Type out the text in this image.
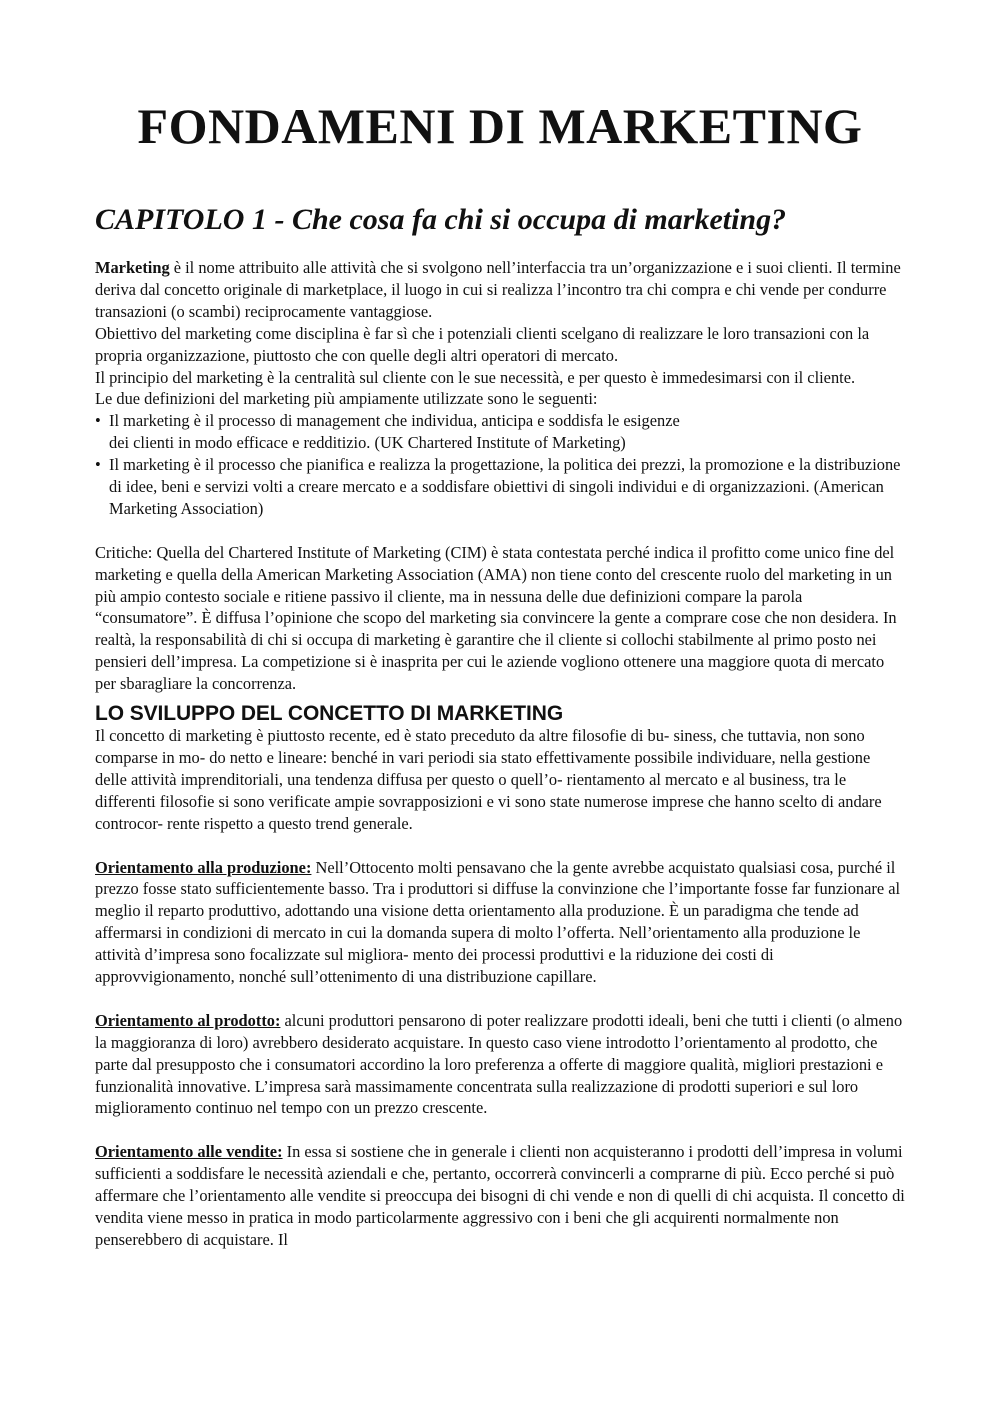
FONDAMENI DI MARKETING
CAPITOLO 1 - Che cosa fa chi si occupa di marketing?

Marketing è il nome attribuito alle attività che si svolgono nell’interfaccia tra un’organizzazione e i suoi clienti. Il termine deriva dal concetto originale di marketplace, il luogo in cui si realizza l’incontro tra chi compra e chi vende per condurre transazioni (o scambi) reciprocamente vantaggiose.

Obiettivo del marketing come disciplina è far sì che i potenziali clienti scelgano di realizzare le loro transazioni con la propria organizzazione, piuttosto che con quelle degli altri operatori di mercato.

Il principio del marketing è la centralità sul cliente con le sue necessità, e per questo è immedesimarsi con il cliente.

Le due definizioni del marketing più ampiamente utilizzate sono le seguenti:

• Il marketing è il processo di management che individua, anticipa e soddisfa le esigenze
dei clienti in modo efficace e redditizio. (UK Chartered Institute of Marketing)
• Il marketing è il processo che pianifica e realizza la progettazione, la politica dei prezzi, la promozione e la distribuzione di idee, beni e servizi volti a creare mercato e a soddisfare obiettivi di singoli individui e di organizzazioni. (American Marketing Association)

Critiche: Quella del Chartered Institute of Marketing (CIM) è stata contestata perché indica il profitto come unico fine del marketing e quella della American Marketing Association (AMA) non tiene conto del crescente ruolo del marketing in un più ampio contesto sociale e ritiene passivo il cliente, ma in nessuna delle due definizioni compare la parola “consumatore”. È diffusa l’opinione che scopo del marketing sia convincere la gente a comprare cose che non desidera. In realtà, la responsabilità di chi si occupa di marketing è garantire che il cliente si collochi stabilmente al primo posto nei pensieri dell’impresa. La competizione si è inasprita per cui le aziende vogliono ottenere una maggiore quota di mercato per sbaragliare la concorrenza.

LO SVILUPPO DEL CONCETTO DI MARKETING

Il concetto di marketing è piuttosto recente, ed è stato preceduto da altre filosofie di bu- siness, che tuttavia, non sono comparse in mo- do netto e lineare: benché in vari periodi sia stato effettivamente possibile individuare, nella gestione delle attività imprenditoriali, una tendenza diffusa per questo o quell’o- rientamento al mercato e al business, tra le differenti filosofie si sono verificate ampie sovrapposizioni e vi sono state numerose imprese che hanno scelto di andare controcor- rente rispetto a questo trend generale.

Orientamento alla produzione: Nell’Ottocento molti pensavano che la gente avrebbe acquistato qualsiasi cosa, purché il prezzo fosse stato sufficientemente basso. Tra i produttori si diffuse la convinzione che l’importante fosse far funzionare al meglio il reparto produttivo, adottando una visione detta orientamento alla produzione. È un paradigma che tende ad affermarsi in condizioni di mercato in cui la domanda supera di molto l’offerta. Nell’orientamento alla produzione le attività d’impresa sono focalizzate sul migliora- mento dei processi produttivi e la riduzione dei costi di approvvigionamento, nonché sull’ottenimento di una distribuzione capillare.

Orientamento al prodotto: alcuni produttori pensarono di poter realizzare prodotti ideali, beni che tutti i clienti (o almeno la maggioranza di loro) avrebbero desiderato acquistare. In questo caso viene introdotto l’orientamento al prodotto, che parte dal presupposto che i consumatori accordino la loro preferenza a offerte di maggiore qualità, migliori prestazioni e funzionalità innovative. L’impresa sarà massimamente concentrata sulla realizzazione di prodotti superiori e sul loro miglioramento continuo nel tempo con un prezzo crescente.

Orientamento alle vendite: In essa si sostiene che in generale i clienti non acquisteranno i prodotti dell’impresa in volumi sufficienti a soddisfare le necessità aziendali e che, pertanto, occorrerà convincerli a comprarne di più. Ecco perché si può affermare che l’orientamento alle vendite si preoccupa dei bisogni di chi vende e non di quelli di chi acquista. Il concetto di vendita viene messo in pratica in modo particolarmente aggressivo con i beni che gli acquirenti normalmente non penserebbero di acquistare. Il
